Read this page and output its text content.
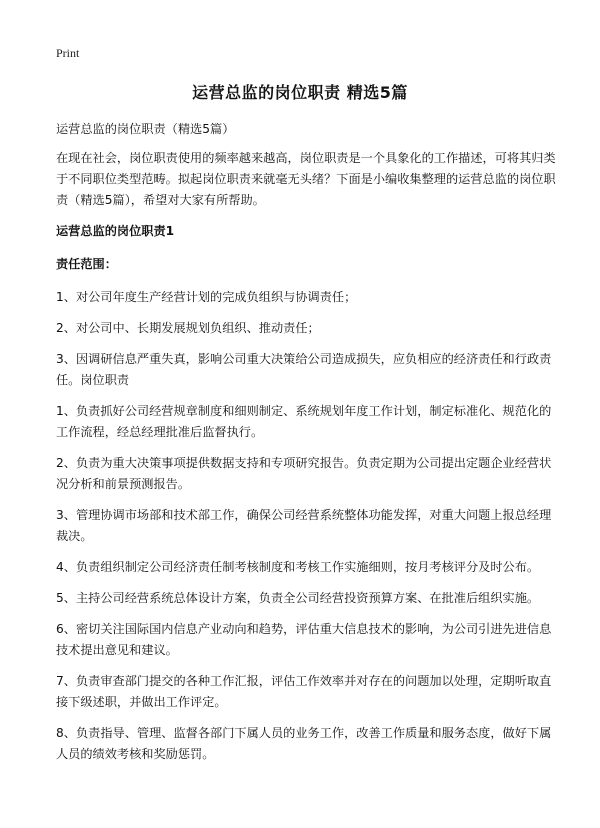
Print
运营总监的岗位职责 精选5篇

运营总监的岗位职责（精选5篇）

在现在社会，岗位职责使用的频率越来越高，岗位职责是一个具象化的工作描述，可将其归类于不同职位类型范畴。拟起岗位职责来就毫无头绪？下面是小编收集整理的运营总监的岗位职责（精选5篇），希望对大家有所帮助。

运营总监的岗位职责1

责任范围：

1、对公司年度生产经营计划的完成负组织与协调责任；

2、对公司中、长期发展规划负组织、推动责任；

3、因调研信息严重失真，影响公司重大决策给公司造成损失，应负相应的经济责任和行政责任。岗位职责

1、负责抓好公司经营规章制度和细则制定、系统规划年度工作计划，制定标准化、规范化的工作流程，经总经理批准后监督执行。

2、负责为重大决策事项提供数据支持和专项研究报告。负责定期为公司提出定题企业经营状况分析和前景预测报告。

3、管理协调市场部和技术部工作，确保公司经营系统整体功能发挥，对重大问题上报总经理裁决。

4、负责组织制定公司经济责任制考核制度和考核工作实施细则，按月考核评分及时公布。

5、主持公司经营系统总体设计方案，负责全公司经营投资预算方案、在批准后组织实施。

6、密切关注国际国内信息产业动向和趋势，评估重大信息技术的影响，为公司引进先进信息技术提出意见和建议。

7、负责审查部门提交的各种工作汇报，评估工作效率并对存在的问题加以处理，定期听取直接下级述职，并做出工作评定。

8、负责指导、管理、监督各部门下属人员的业务工作，改善工作质量和服务态度，做好下属人员的绩效考核和奖励惩罚。
